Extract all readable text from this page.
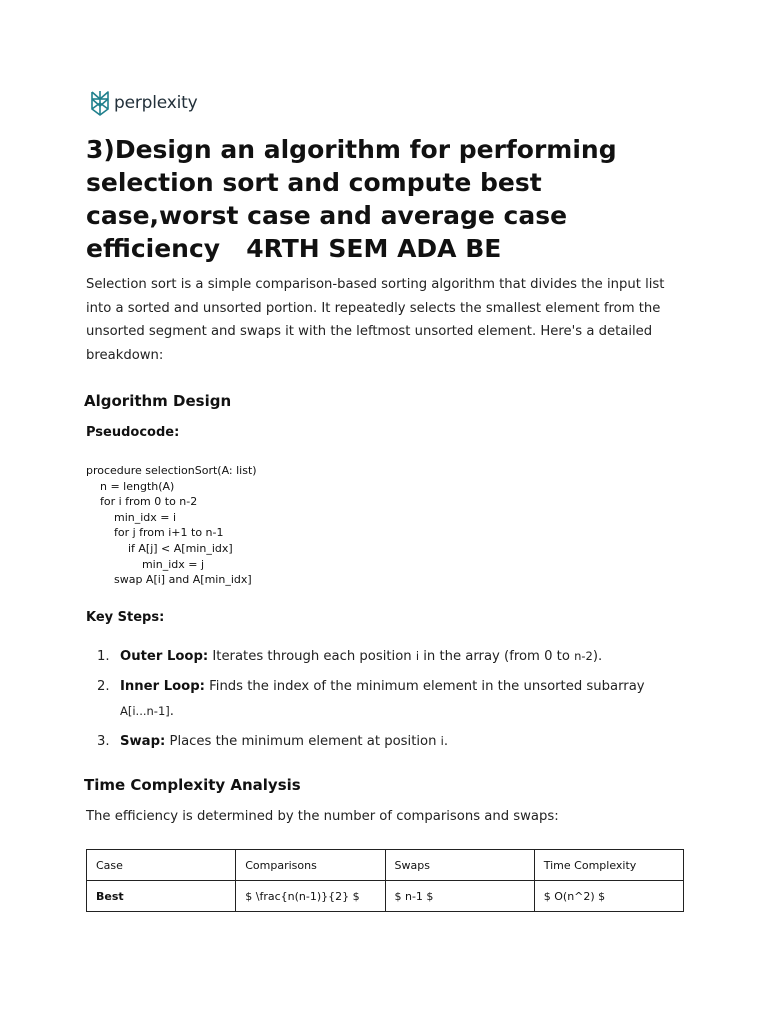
perplexity
3)Design an algorithm for performing
selection sort and compute best
case,worst case and average case
efficiency   4RTH SEM ADA BE

Selection sort is a simple comparison-based sorting algorithm that divides the input list
into a sorted and unsorted portion. It repeatedly selects the smallest element from the
unsorted segment and swaps it with the leftmost unsorted element. Here's a detailed
breakdown:

Algorithm Design
Pseudocode:
procedure selectionSort(A: list)
n = length(A)
for i from 0 to n-2
min_idx = i
for j from i+1 to n-1
if A[j] < A[min_idx]
min_idx = j
swap A[i] and A[min_idx]
Key Steps:
1. Outer Loop: Iterates through each position i in the array (from 0 to n-2).
2. Inner Loop: Finds the index of the minimum element in the unsorted subarray
A[i...n-1].
3. Swap: Places the minimum element at position i.
Time Complexity Analysis

The efficiency is determined by the number of comparisons and swaps:

Case	Comparisons	Swaps	Time Complexity
Best	$ \frac{n(n-1)}{2} $	$ n-1 $	$ O(n^2) $
